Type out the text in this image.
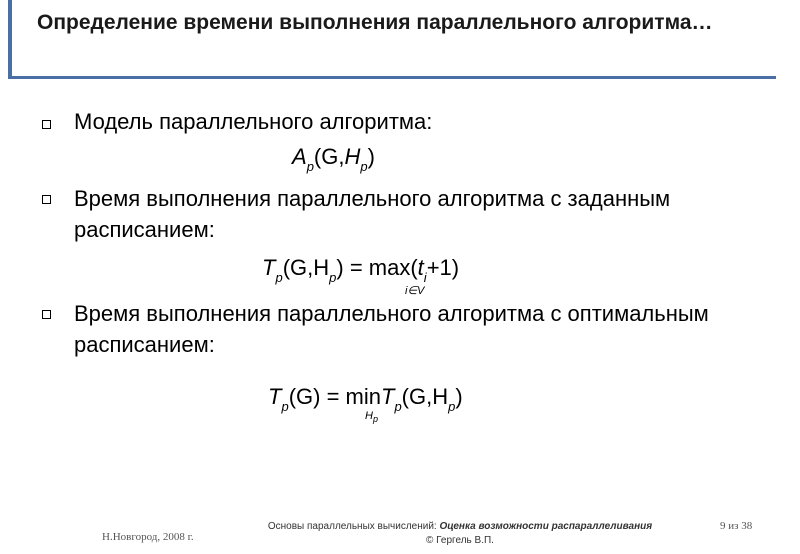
Определение времени выполнения параллельного алгоритма…
Модель параллельного алгоритма:
$A_p(G,H_p)$
Время выполнения параллельного алгоритма с заданным расписанием:
$T_p(G,H_p) = \max(t_i+1)$
i∈V
Время выполнения параллельного алгоритма с оптимальным расписанием:
$T_p(G) = \min T_p(G,H_p)$
$H_p$
Н.Новгород, 2008 г.
Основы параллельных вычислений: Оценка возможности распараллеливания
© Гергель В.П.
9 из 38
